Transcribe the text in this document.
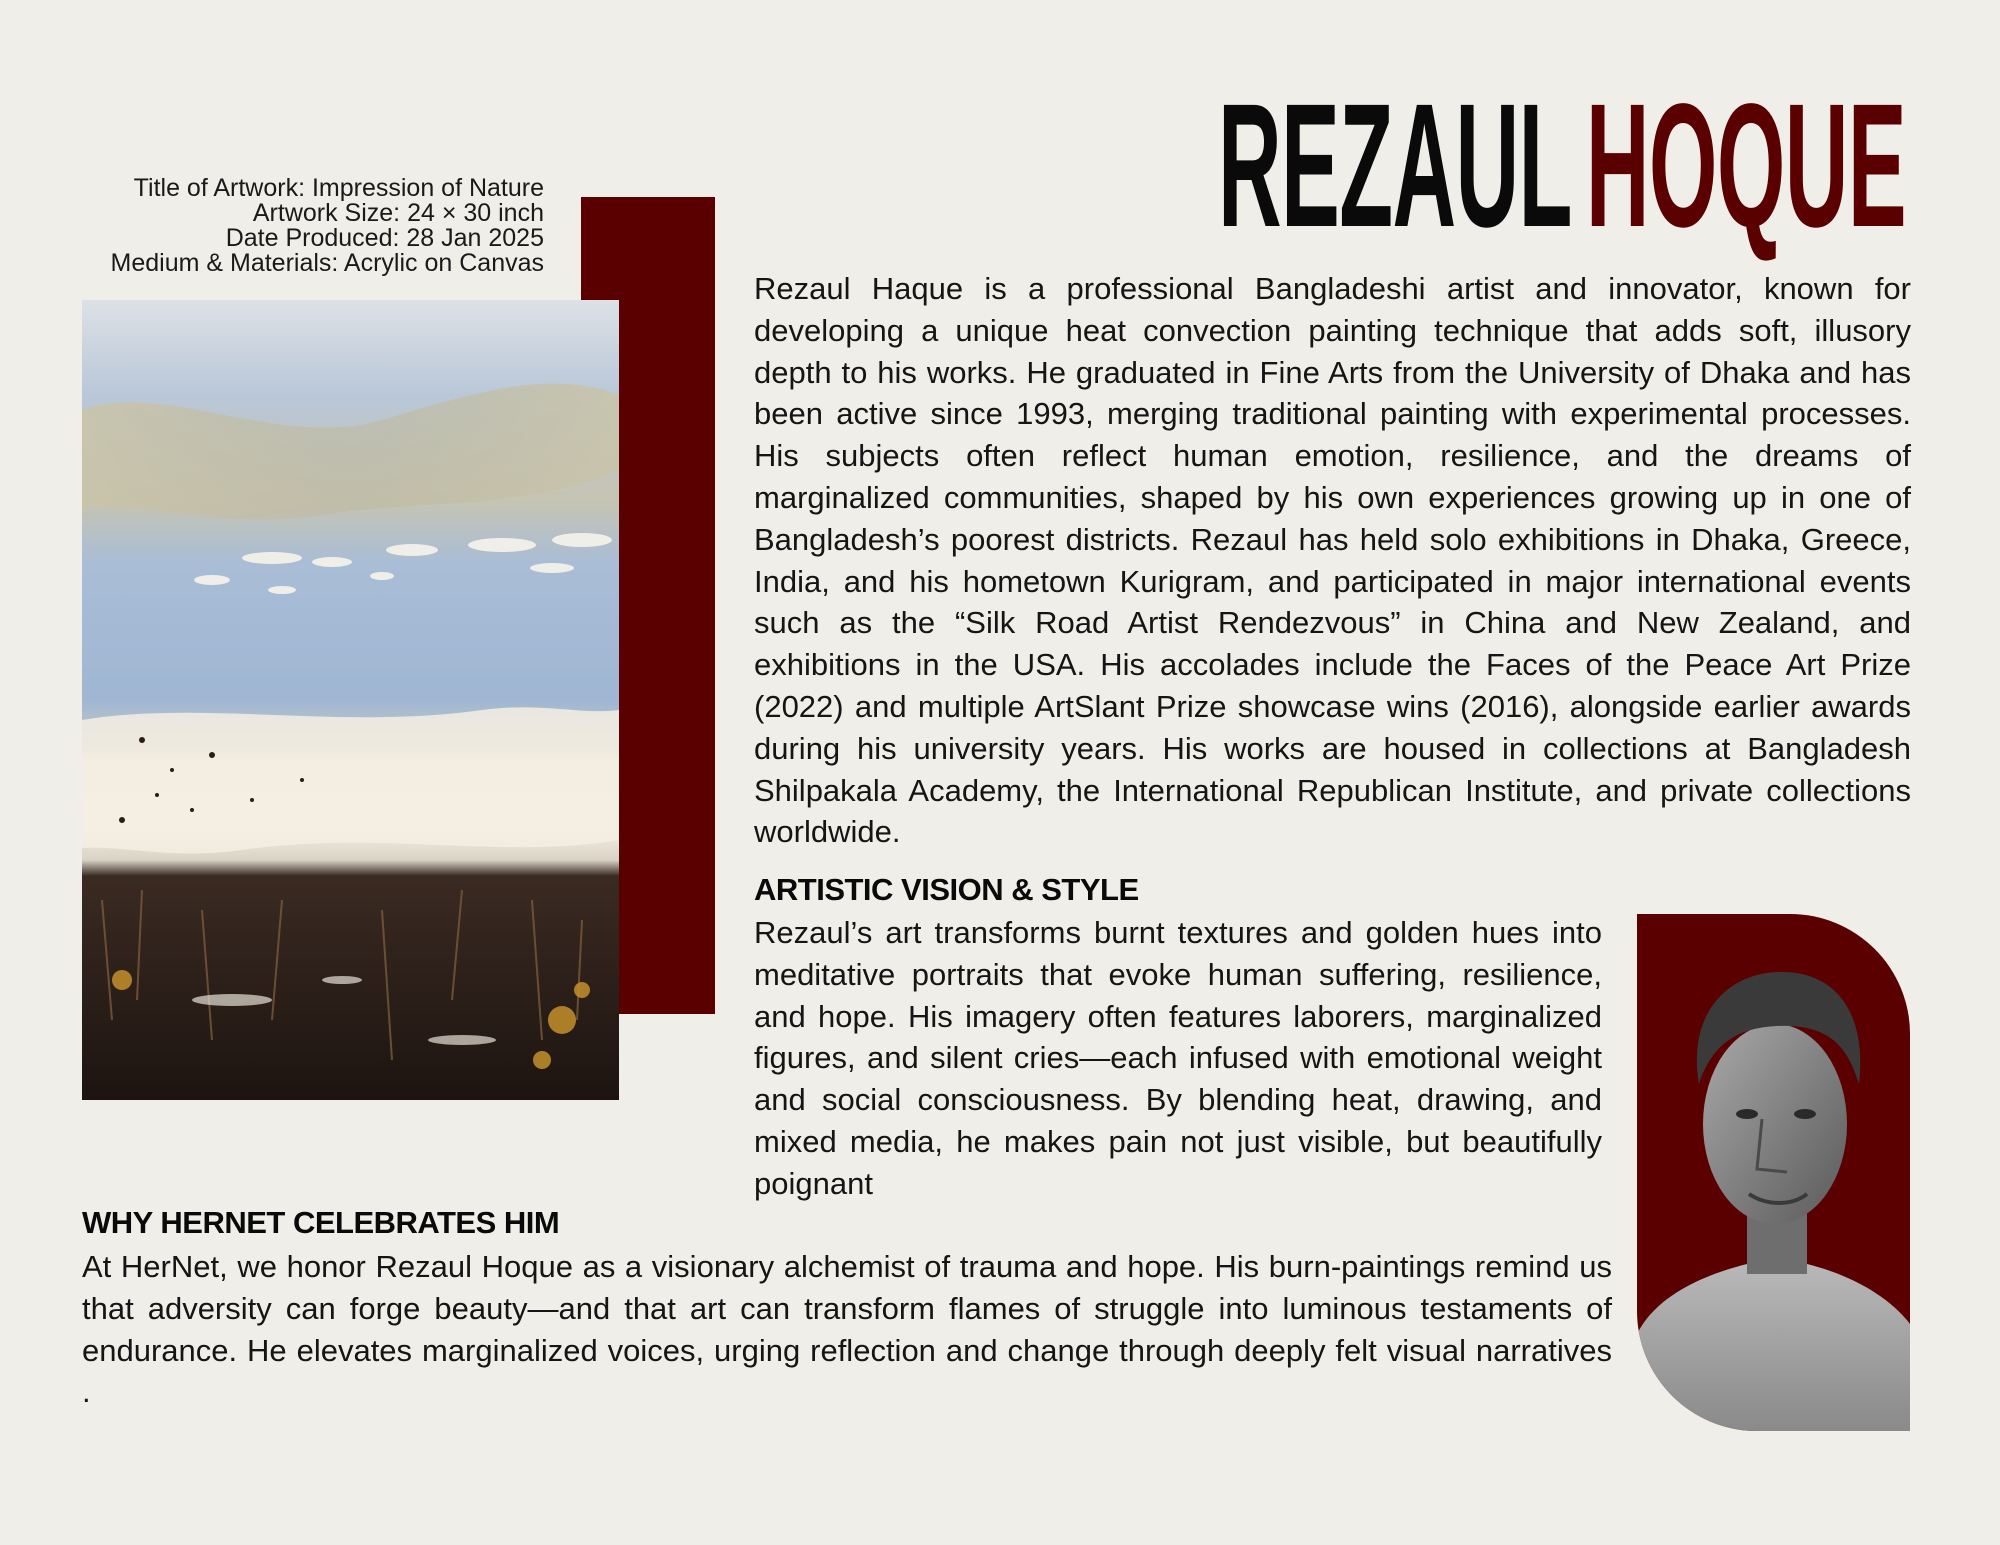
REZAULHOQUE
Title of Artwork: Impression of Nature
Artwork Size: 24 × 30 inch
Date Produced: 28 Jan 2025
Medium & Materials: Acrylic on Canvas
Rezaul Haque is a professional Bangladeshi artist and innovator, known for developing a unique heat convection painting technique that adds soft, illusory depth to his works. He graduated in Fine Arts from the University of Dhaka and has been active since 1993, merging traditional painting with experimental processes. His subjects often reflect human emotion, resilience, and the dreams of marginalized communities, shaped by his own experiences growing up in one of Bangladesh’s poorest districts. Rezaul has held solo exhibitions in Dhaka, Greece, India, and his hometown Kurigram, and participated in major international events such as the “Silk Road Artist Rendezvous” in China and New Zealand, and exhibitions in the USA. His accolades include the Faces of the Peace Art Prize (2022) and multiple ArtSlant Prize showcase wins (2016), alongside earlier awards during his university years. His works are housed in collections at Bangladesh Shilpakala Academy, the International Republican Institute, and private collections worldwide.
ARTISTIC VISION & STYLE
Rezaul’s art transforms burnt textures and golden hues into meditative portraits that evoke human suffering, resilience, and hope. His imagery often features laborers, marginalized figures, and silent cries—each infused with emotional weight and social consciousness. By blending heat, drawing, and mixed media, he makes pain not just visible, but beautifully poignant
WHY HERNET CELEBRATES HIM
At HerNet, we honor Rezaul Hoque as a visionary alchemist of trauma and hope. His burn-paintings remind us that adversity can forge beauty—and that art can transform flames of struggle into luminous testaments of endurance. He elevates marginalized voices, urging reflection and change through deeply felt visual narratives .
